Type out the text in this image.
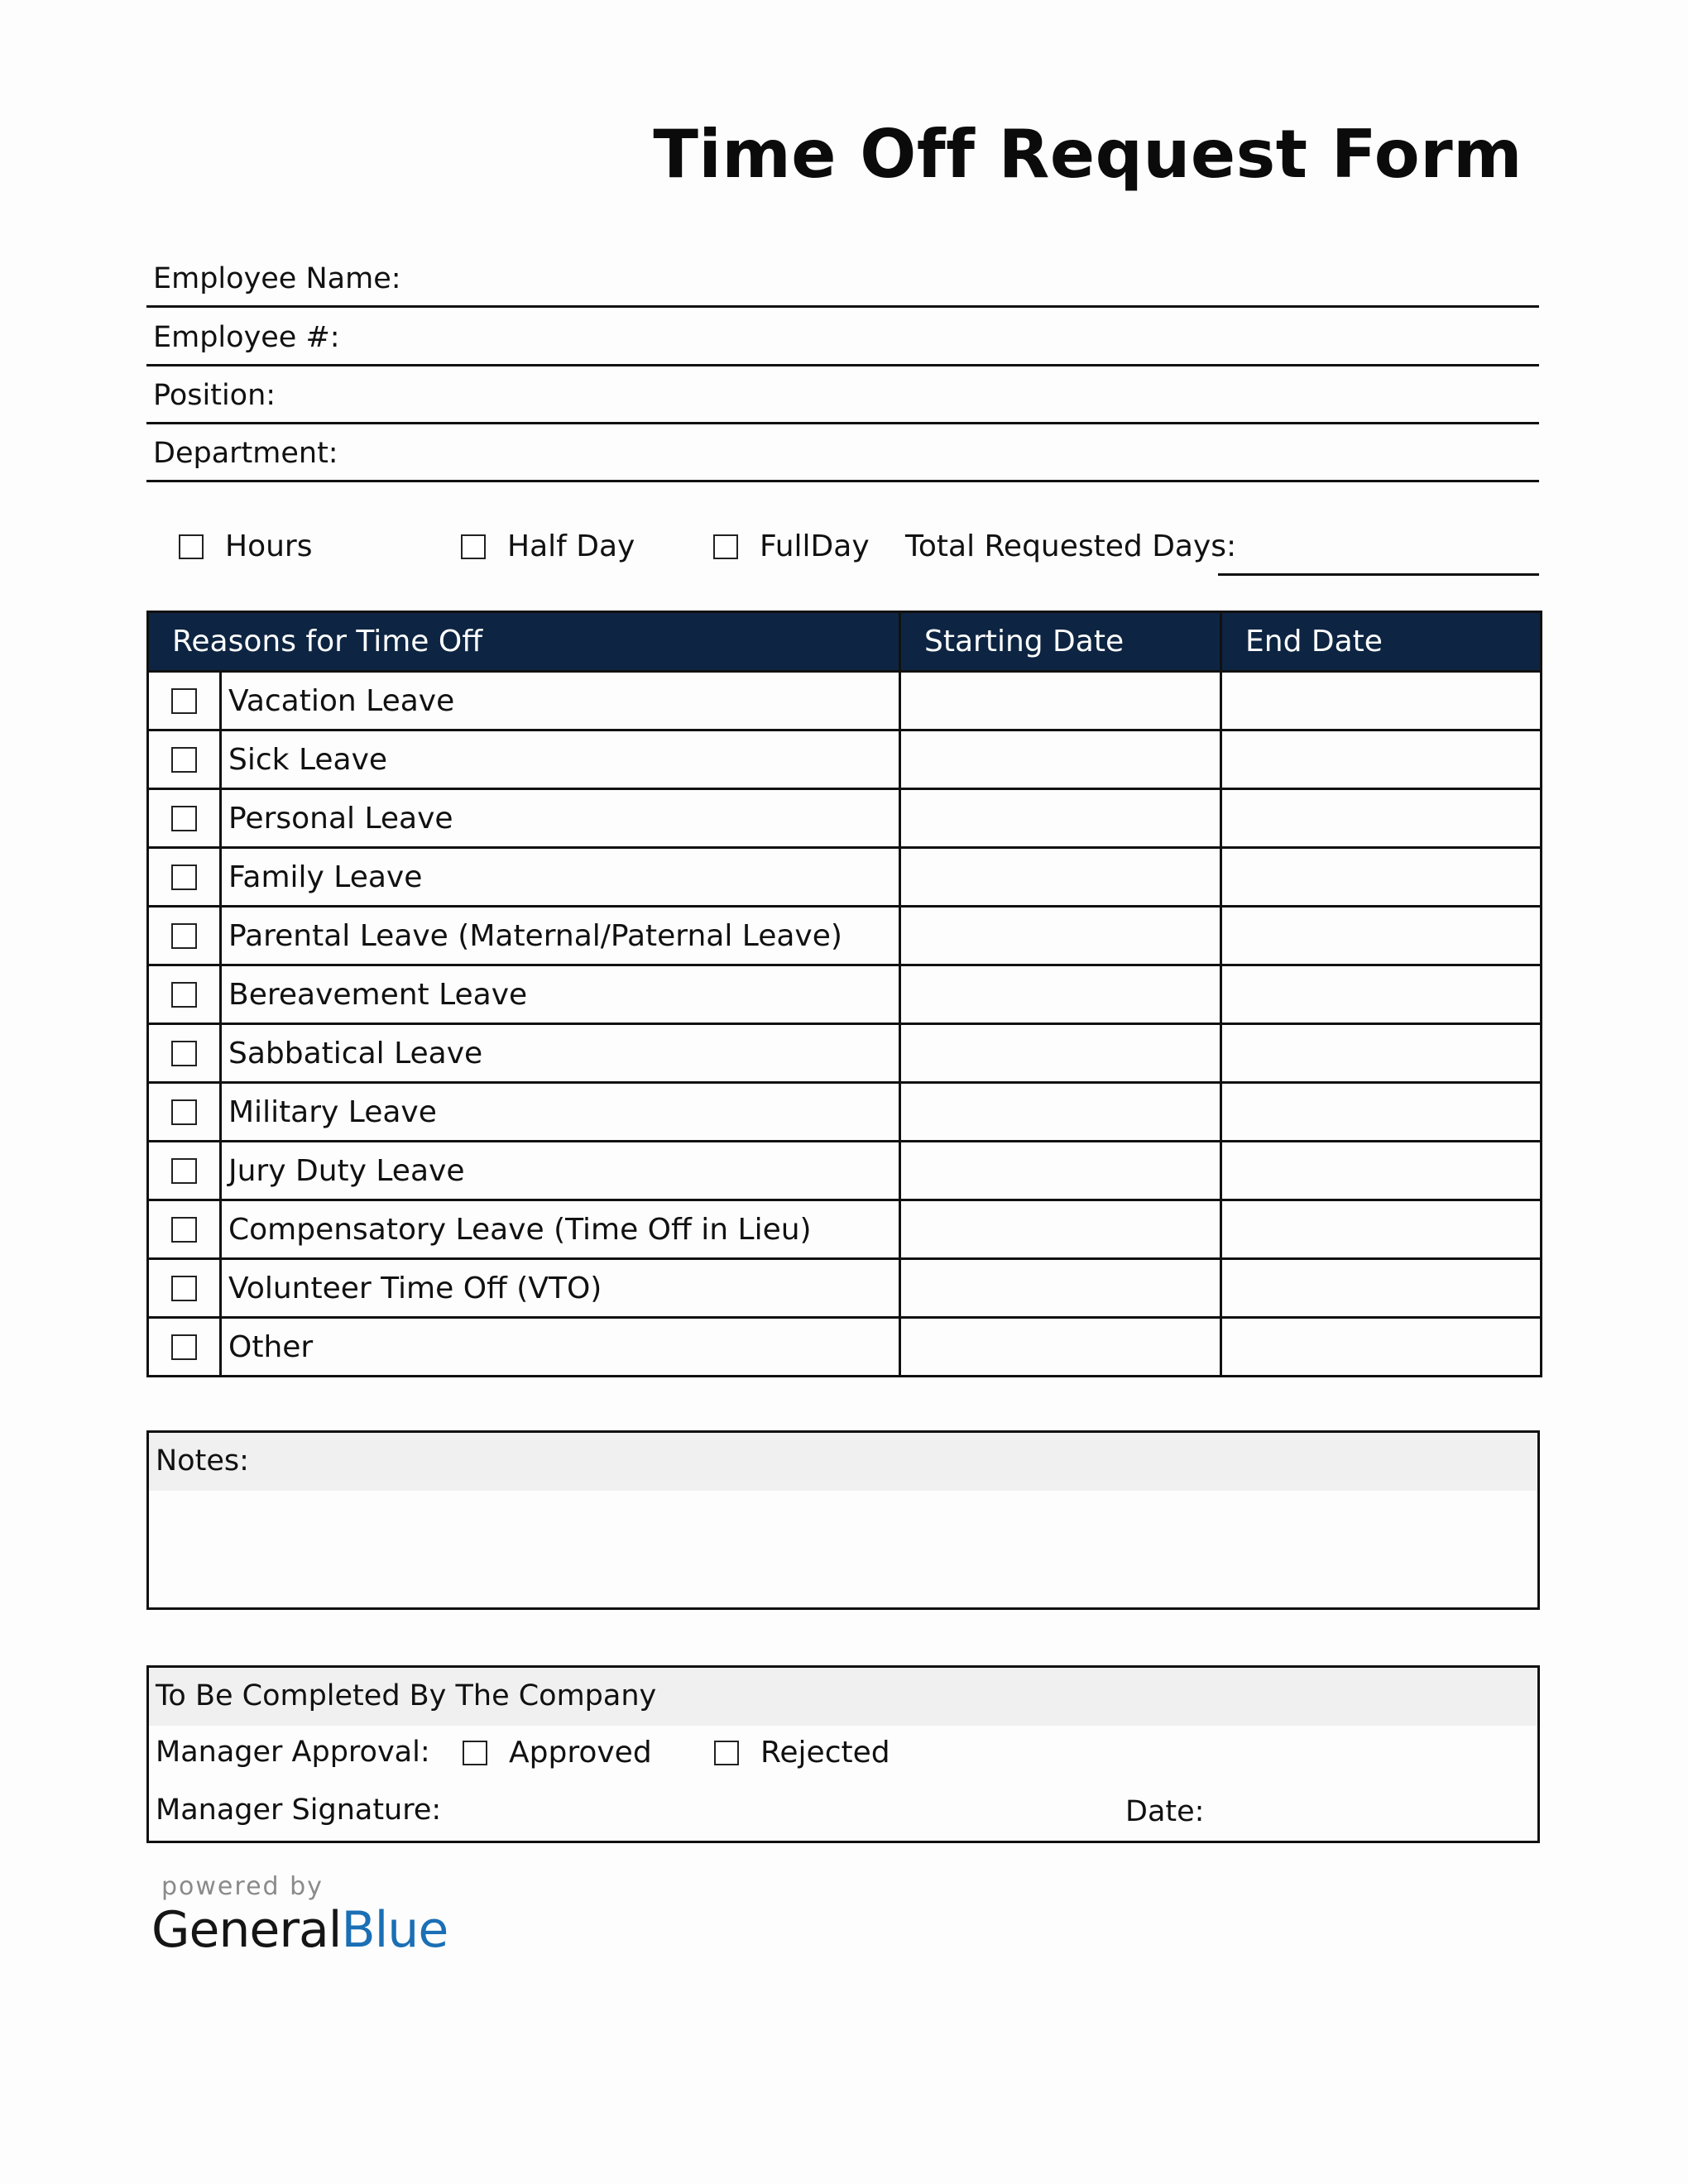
Time Off Request Form
Employee Name:
Employee #:
Position:
Department:
Hours	Half Day	FullDay Total Requested Days:
Reasons for Time Off		Starting Date	End Date
	Vacation Leave		
	Sick Leave		
	Personal Leave		
	Family Leave		
	Parental Leave (Maternal/Paternal Leave)		
	Bereavement Leave		
	Sabbatical Leave		
	Military Leave		
	Jury Duty Leave		
	Compensatory Leave (Time Off in Lieu)		
	Volunteer Time Off (VTO)		
	Other		
Notes:
To Be Completed By The Company
Manager Approval:	Approved	Rejected
Manager Signature:	Date:
powered by
GeneralBlue
